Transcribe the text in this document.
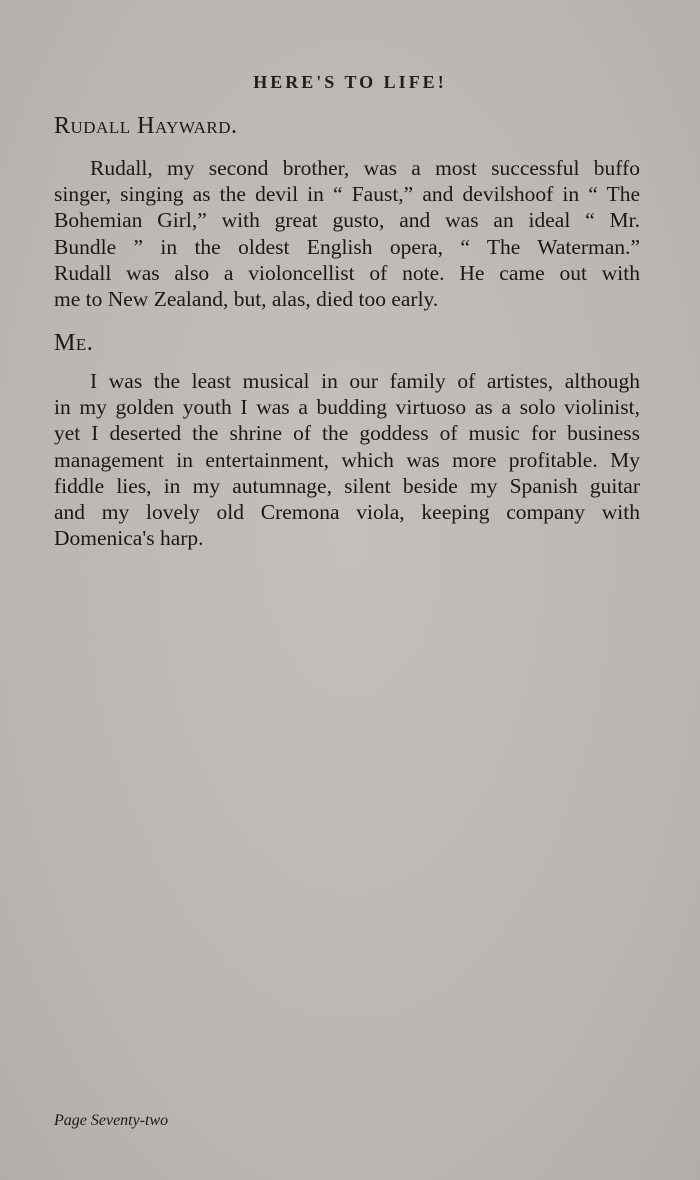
HERE'S TO LIFE!
Rudall Hayward.
Rudall, my second brother, was a most successful buffo
singer, singing as the devil in “ Faust,” and devilshoof in “ The
Bohemian Girl,” with great gusto, and was an ideal “ Mr.
Bundle ” in the oldest English opera, “ The Waterman.”
Rudall was also a violoncellist of note. He came out with
me to New Zealand, but, alas, died too early.
Me.
I was the least musical in our family of artistes, although
in my golden youth I was a budding virtuoso as a solo violinist,
yet I deserted the shrine of the goddess of music for business
management in entertainment, which was more profitable. My
fiddle lies, in my autumnage, silent beside my Spanish guitar
and my lovely old Cremona viola, keeping company with
Domenica's harp.
Page Seventy-two
